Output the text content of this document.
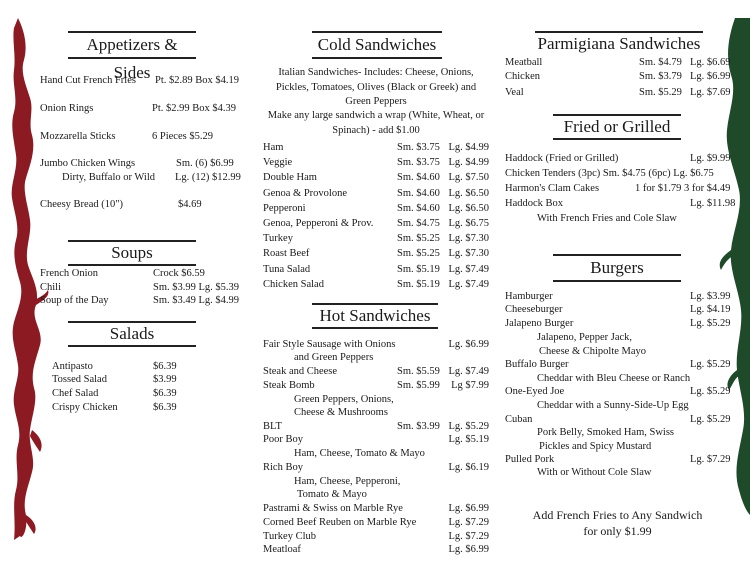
Appetizers & Sides
Hand Cut French Fries Pt. $2.89 Box $4.19
Onion Rings	Pt. $2.99 Box $4.39
Mozzarella Sticks	6 Pieces $5.29
Jumbo Chicken Wings	Sm. (6) $6.99
Dirty, Buffalo or Wild Lg. (12) $12.99
Cheesy Bread (10")	$4.69
Soups
French Onion	Crock $6.59
Chili	Sm. $3.99 Lg. $5.39
Soup of the Day	Sm. $3.49 Lg. $4.99
Salads
Antipasto	$6.39
Tossed Salad	$3.99
Chef Salad	$6.39
Crispy Chicken	$6.39
Cold Sandwiches
Italian Sandwiches- Includes: Cheese, Onions, Pickles, Tomatoes, Olives (Black or Greek) and Green Peppers
Make any large sandwich a wrap (White, Wheat, or Spinach) - add $1.00
Ham	Sm. $3.75 Lg. $4.99
Veggie	Sm. $3.75 Lg. $4.99
Double Ham	Sm. $4.60 Lg. $7.50
Genoa & Provolone	Sm. $4.60 Lg. $6.50
Pepperoni	Sm. $4.60 Lg. $6.50
Genoa, Pepperoni & Prov. Sm. $4.75 Lg. $6.75
Turkey	Sm. $5.25 Lg. $7.30
Roast Beef	Sm. $5.25 Lg. $7.30
Tuna Salad	Sm. $5.19 Lg. $7.49
Chicken Salad	Sm. $5.19 Lg. $7.49
Hot Sandwiches
Fair Style Sausage with Onions	Lg. $6.99
and Green Peppers
Steak and Cheese	Sm. $5.59 Lg. $7.49
Steak Bomb	Sm. $5.99	Lg $7.99
Green Peppers, Onions,
Cheese & Mushrooms
BLT	Sm. $3.99 Lg. $5.29
Poor Boy	Lg. $5.19
Ham, Cheese, Tomato & Mayo
Rich Boy	Lg. $6.19
Ham, Cheese, Pepperoni,
Tomato & Mayo
Pastrami & Swiss on Marble Rye	Lg. $6.99
Corned Beef Reuben on Marble Rye	Lg. $7.29
Turkey Club	Lg. $7.29
Meatloaf	Lg. $6.99
Parmigiana Sandwiches
Meatball	Sm. $4.79 Lg. $6.69
Chicken	Sm. $3.79 Lg. $6.99
Veal	Sm. $5.29 Lg. $7.69
Fried or Grilled
Haddock (Fried or Grilled)	Lg. $9.99
Chicken Tenders (3pc) Sm. $4.75 (6pc) Lg. $6.75
Harmon's Clam Cakes	1 for $1.79 3 for $4.49
Haddock Box	Lg. $11.98
With French Fries and Cole Slaw
Burgers
Hamburger	Lg. $3.99
Cheeseburger	Lg. $4.19
Jalapeno Burger	Lg. $5.29
Jalapeno, Pepper Jack,
Cheese & Chipolte Mayo
Buffalo Burger	Lg. $5.29
Cheddar with Bleu Cheese or Ranch
One-Eyed Joe	Lg. $5.29
Cheddar with a Sunny-Side-Up Egg
Cuban	Lg. $5.29
Pork Belly, Smoked Ham, Swiss
Pickles and Spicy Mustard
Pulled Pork	Lg. $7.29
With or Without Cole Slaw
Add French Fries to Any Sandwich
for only $1.99
